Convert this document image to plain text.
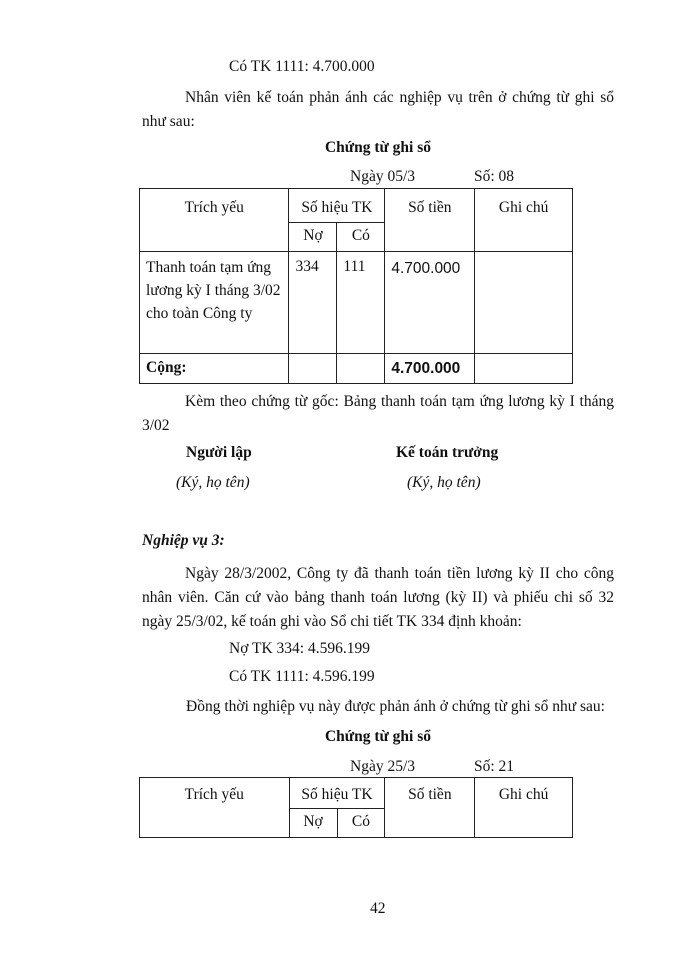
Có TK 1111: 4.700.000
Nhân viên kế toán phản ánh các nghiệp vụ trên ở chứng từ ghi sổ như sau:
Chứng từ ghi sổ
Ngày 05/3	Số: 08
Trích yếu	Số hiệu TK		Số tiền	Ghi chú
	Nợ	Có		
Thanh toán tạm ứng lương kỳ I tháng 3/02 cho toàn Công ty	334	111	4.700.000	
Cộng:			4.700.000	
Kèm theo chứng từ gốc: Bảng thanh toán tạm ứng lương kỳ I tháng 3/02
Người lập
(Ký, họ tên)
Kế toán trưởng
(Ký, họ tên)
Nghiệp vụ 3:
Ngày 28/3/2002, Công ty đã thanh toán tiền lương kỳ II cho công nhân viên. Căn cứ vào bảng thanh toán lương (kỳ II) và phiếu chi số 32 ngày 25/3/02, kế toán ghi vào Sổ chi tiết TK 334 định khoản:
Nợ TK 334: 4.596.199
Có TK 1111: 4.596.199
Đồng thời nghiệp vụ này được phản ánh ở chứng từ ghi sổ như sau:
Chứng từ ghi sổ
Ngày 25/3	Số: 21
Trích yếu	Số hiệu TK		Số tiền	Ghi chú
	Nợ	Có		
42
